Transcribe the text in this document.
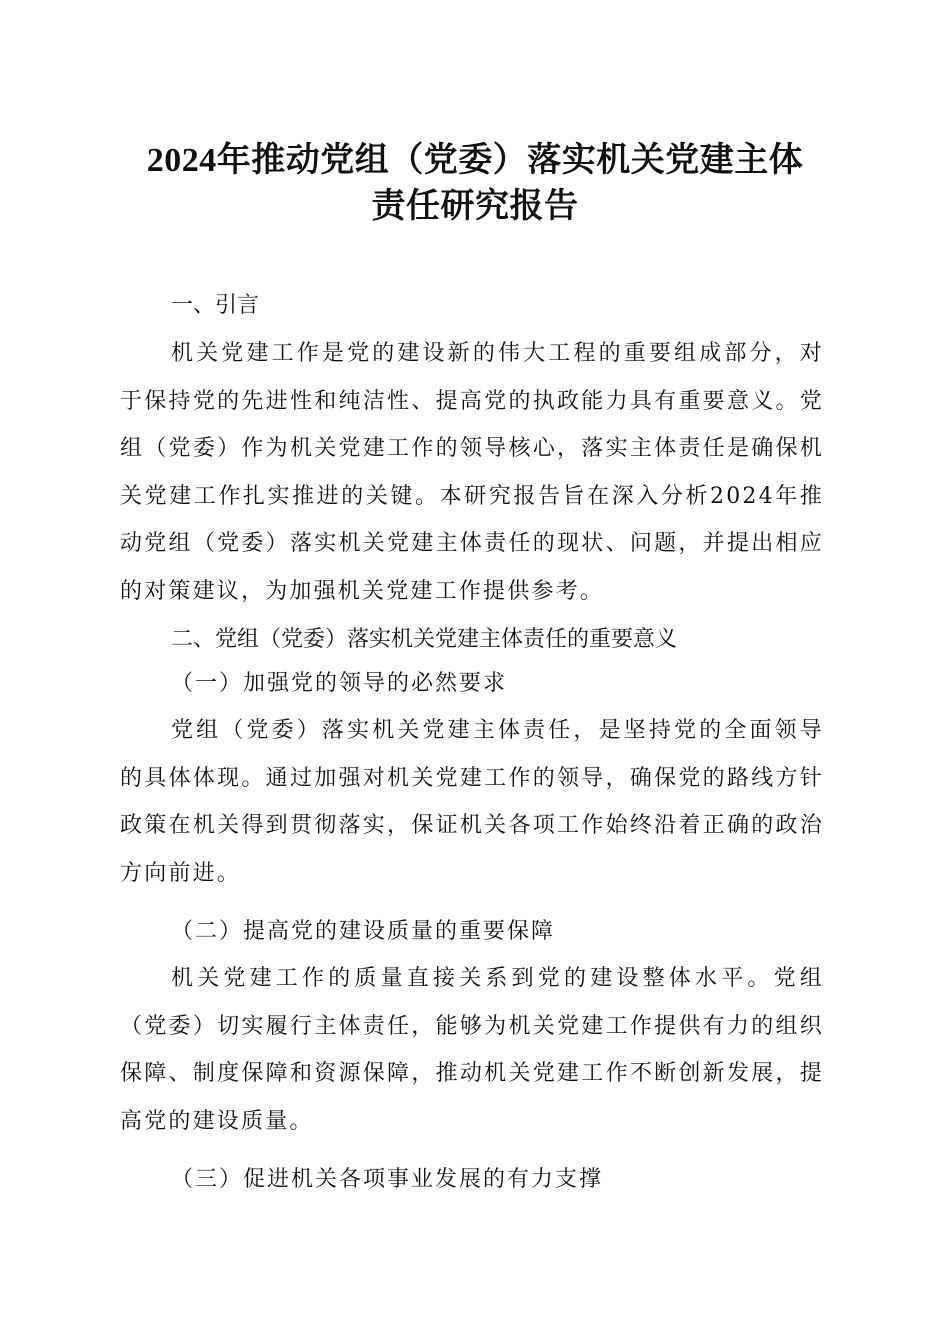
2024年推动党组（党委）落实机关党建主体
责任研究报告
一、引言
机关党建工作是党的建设新的伟大工程的重要组成部分，对于保持党的先进性和纯洁性、提高党的执政能力具有重要意义。党组（党委）作为机关党建工作的领导核心，落实主体责任是确保机关党建工作扎实推进的关键。本研究报告旨在深入分析2024年推动党组（党委）落实机关党建主体责任的现状、问题，并提出相应的对策建议，为加强机关党建工作提供参考。
二、党组（党委）落实机关党建主体责任的重要意义
（一）加强党的领导的必然要求
党组（党委）落实机关党建主体责任，是坚持党的全面领导的具体体现。通过加强对机关党建工作的领导，确保党的路线方针政策在机关得到贯彻落实，保证机关各项工作始终沿着正确的政治方向前进。
（二）提高党的建设质量的重要保障
机关党建工作的质量直接关系到党的建设整体水平。党组（党委）切实履行主体责任，能够为机关党建工作提供有力的组织保障、制度保障和资源保障，推动机关党建工作不断创新发展，提高党的建设质量。
（三）促进机关各项事业发展的有力支撑
